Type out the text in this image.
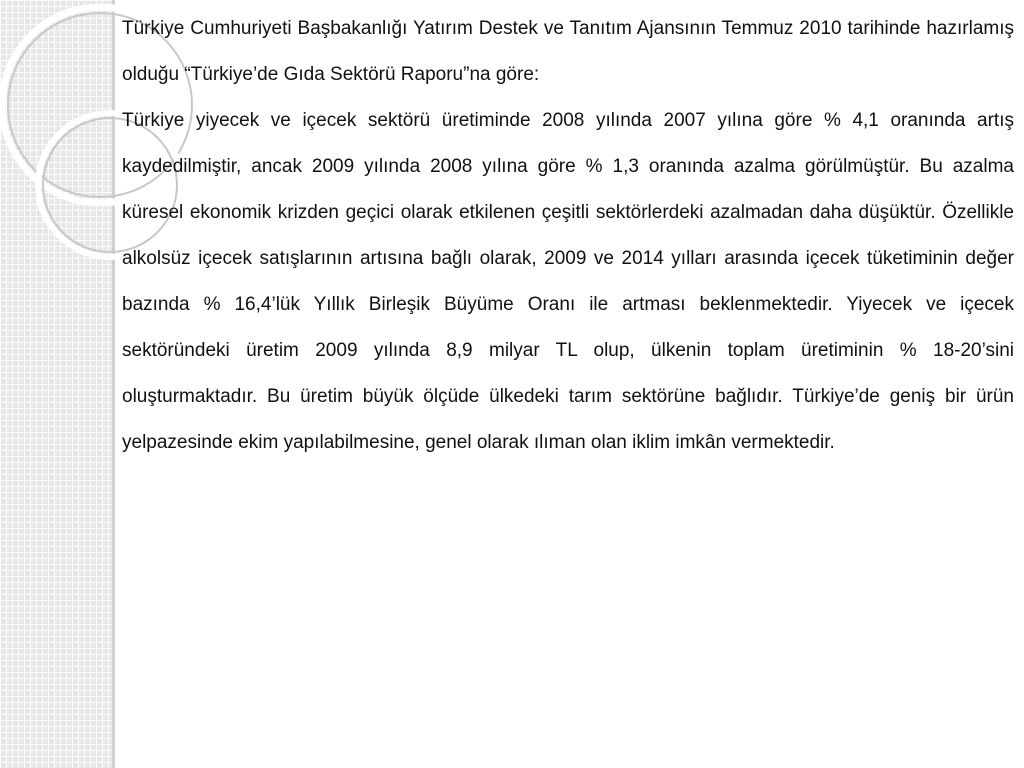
Türkiye Cumhuriyeti Başbakanlığı Yatırım Destek ve Tanıtım Ajansının Temmuz 2010 tarihinde hazırlamış olduğu “Türkiye’de Gıda Sektörü Raporu”na göre:

Türkiye yiyecek ve içecek sektörü üretiminde 2008 yılında 2007 yılına göre % 4,1 oranında artış kaydedilmiştir, ancak 2009 yılında 2008 yılına göre % 1,3 oranında azalma görülmüştür. Bu azalma küresel ekonomik krizden geçici olarak etkilenen çeşitli sektörlerdeki azalmadan daha düşüktür. Özellikle alkolsüz içecek satışlarının artısına bağlı olarak, 2009 ve 2014 yılları arasında içecek tüketiminin değer bazında % 16,4’lük Yıllık Birleşik Büyüme Oranı ile artması beklenmektedir. Yiyecek ve içecek sektöründeki üretim 2009 yılında 8,9 milyar TL olup, ülkenin toplam üretiminin % 18-20’sini oluşturmaktadır. Bu üretim büyük ölçüde ülkedeki tarım sektörüne bağlıdır. Türkiye’de geniş bir ürün yelpazesinde ekim yapılabilmesine, genel olarak ılıman olan iklim imkân vermektedir.
